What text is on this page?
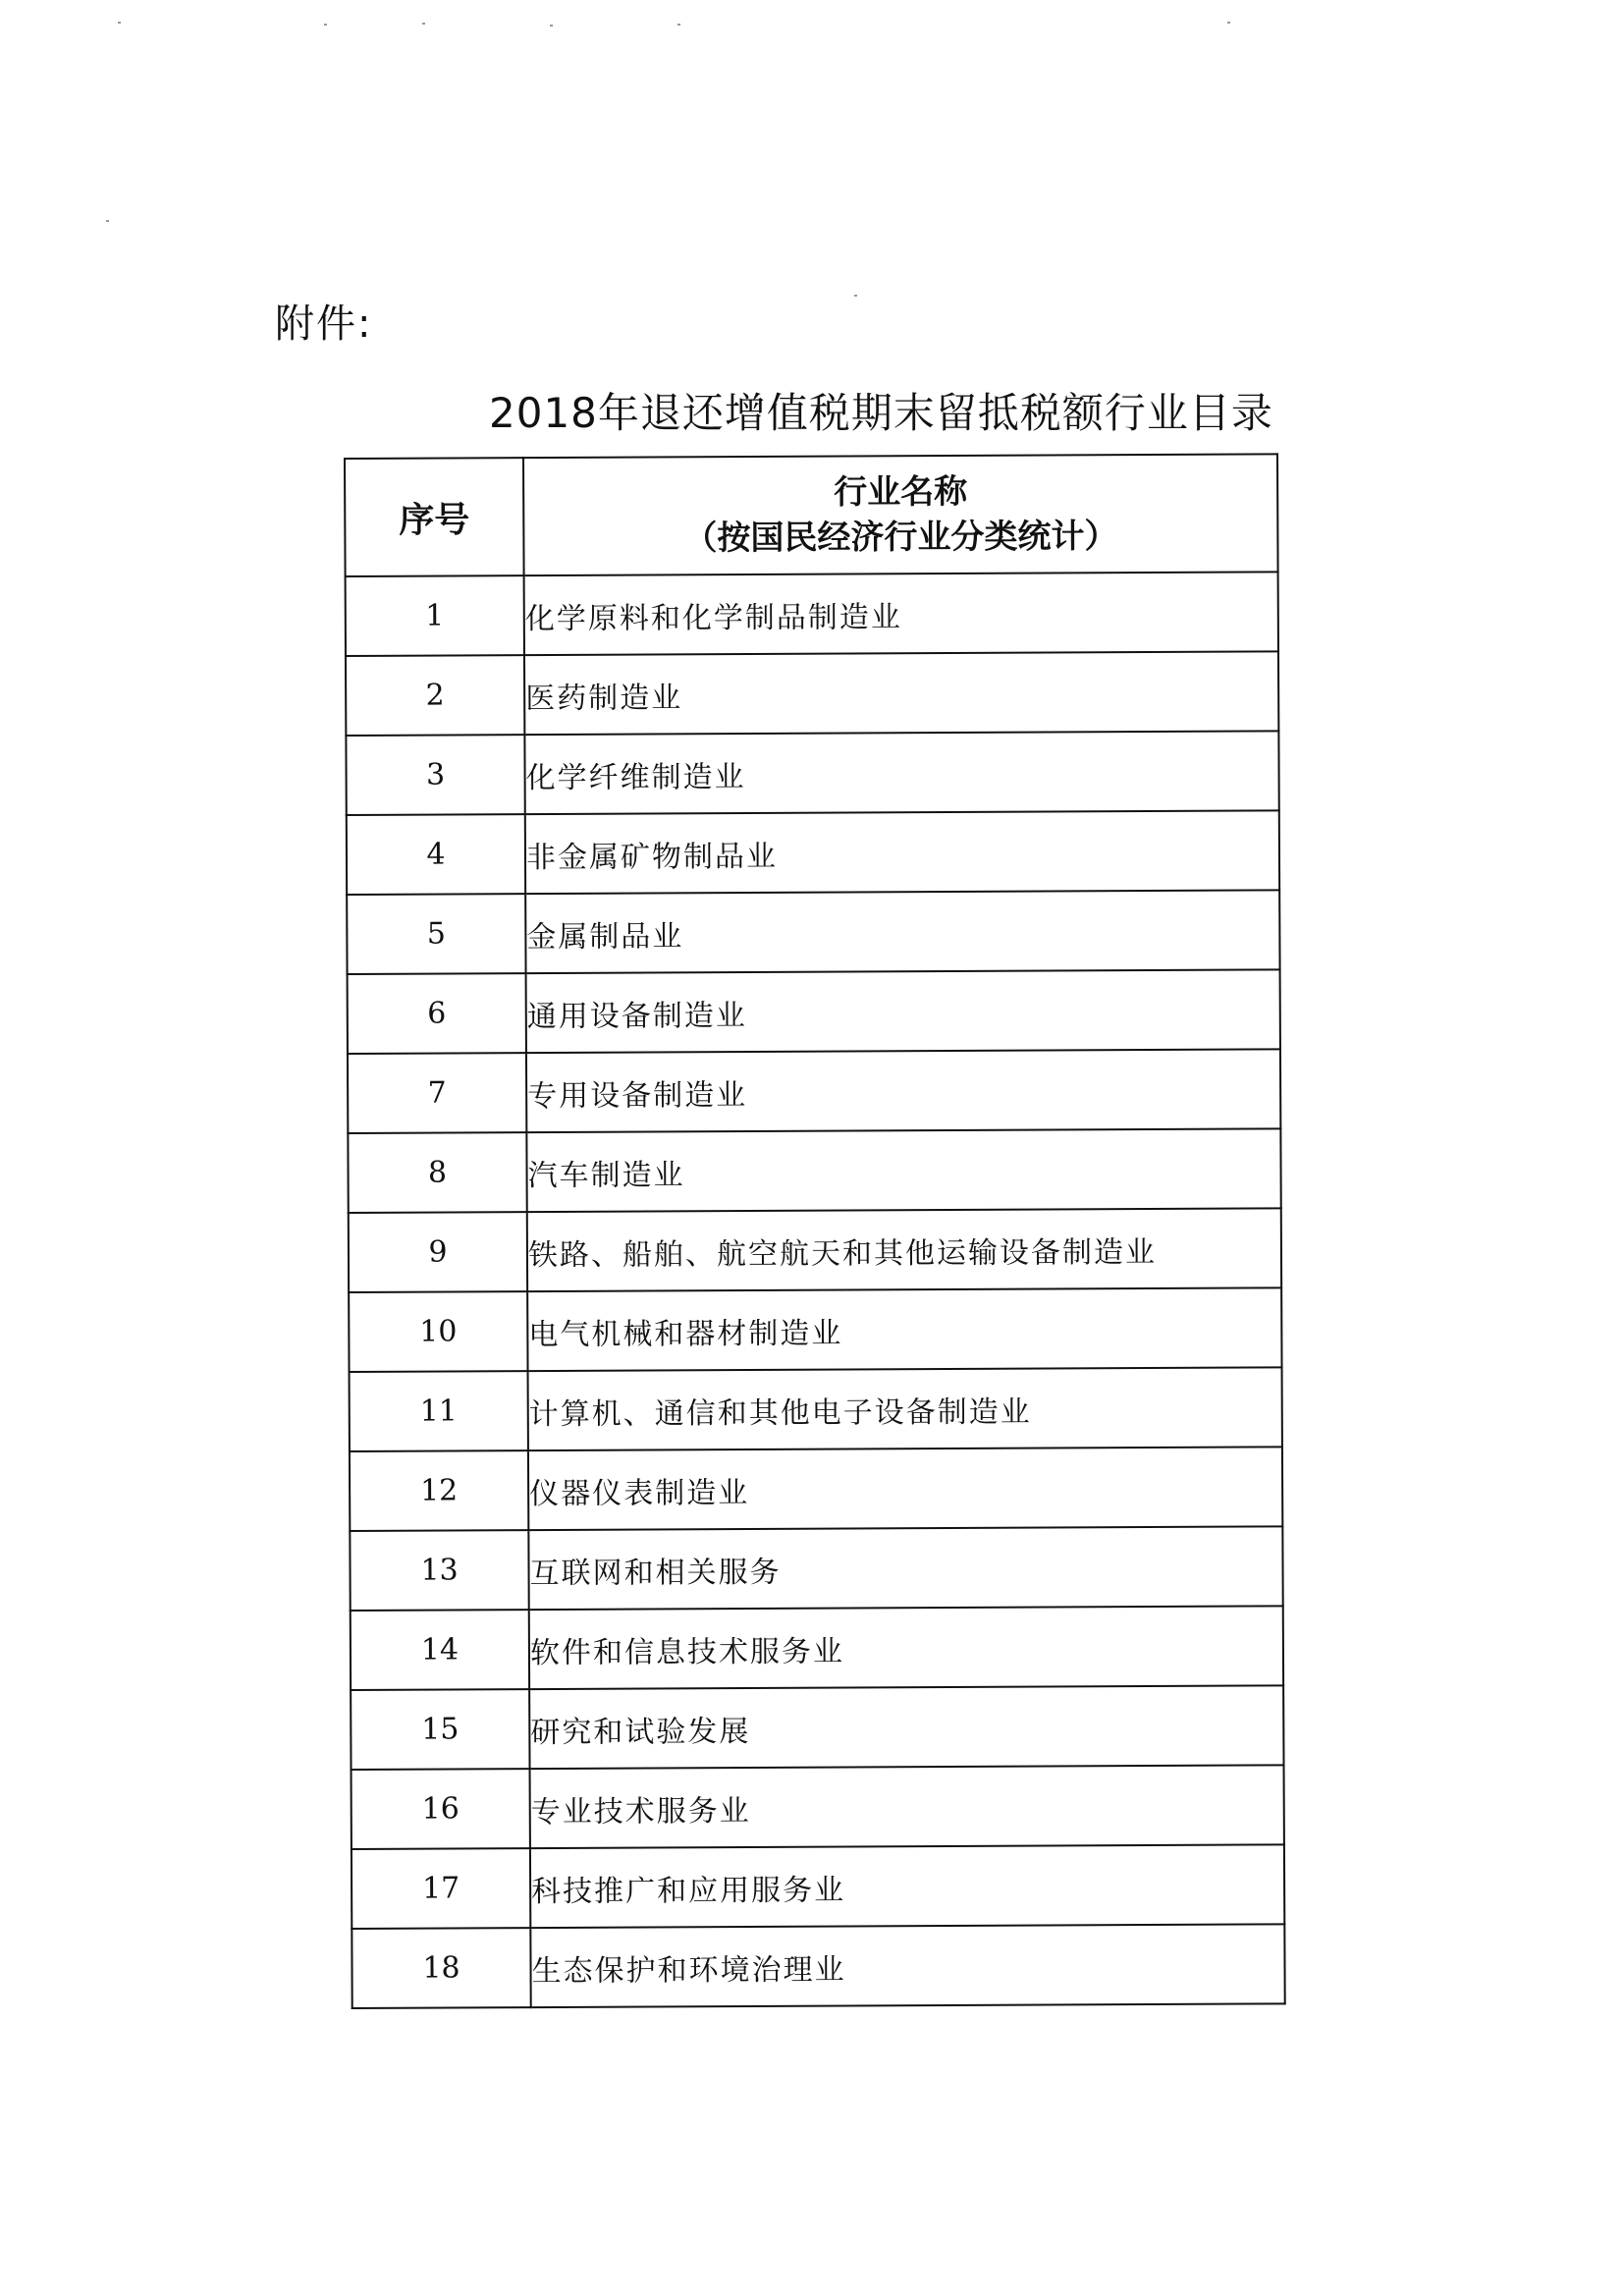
附件:
2018年退还增值税期末留抵税额行业目录
序号	行业名称
（按国民经济行业分类统计）

1	化学原料和化学制品制造业
2	医药制造业
3	化学纤维制造业
4	非金属矿物制品业
5	金属制品业
6	通用设备制造业
7	专用设备制造业
8	汽车制造业
9	铁路、船舶、航空航天和其他运输设备制造业
10	电气机械和器材制造业
11	计算机、通信和其他电子设备制造业
12	仪器仪表制造业
13	互联网和相关服务
14	软件和信息技术服务业
15	研究和试验发展
16	专业技术服务业
17	科技推广和应用服务业
18	生态保护和环境治理业
